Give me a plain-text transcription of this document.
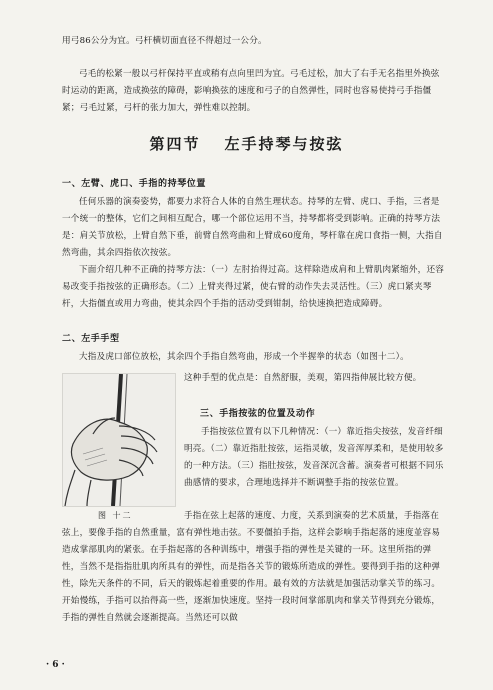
用弓86公分为宜。弓杆横切面直径不得超过一公分。

弓毛的松紧一般以弓杆保持平直或稍有点向里凹为宜。弓毛过松，加大了右手无名指里外换弦时运动的距离，造成换弦的障碍，影响换弦的速度和弓子的自然弹性，同时也容易使持弓手指僵紧；弓毛过紧，弓杆的张力加大，弹性难以控制。

第四节 左手持琴与按弦
一、左臂、虎口、手指的持琴位置

任何乐器的演奏姿势，都要力求符合人体的自然生理状态。持琴的左臂、虎口、手指，三者是一个统一的整体，它们之间相互配合，哪一个部位运用不当，持琴都将受到影响。正确的持琴方法是：肩关节放松，上臂自然下垂，前臂自然弯曲和上臂成60度角，琴杆靠在虎口食指一侧，大指自然弯曲，其余四指依次按弦。

下面介绍几种不正确的持琴方法：（一）左肘抬得过高。这样除造成肩和上臂肌肉紧缩外，还容易改变手指按弦的正确形态。（二）上臂夹得过紧，使右臂的动作失去灵活性。（三）虎口紧夹琴杆，大指僵直或用力弯曲，使其余四个手指的活动受到钳制，给快速换把造成障碍。

二、左手手型

大指及虎口部位放松，其余四个手指自然弯曲，形成一个半握拳的状态（如图十二）。

这种手型的优点是：自然舒服，美观，第四指伸展比较方便。

三、手指按弦的位置及动作

手指按弦位置有以下几种情况：（一）靠近指尖按弦，发音纤细明亮。（二）靠近指肚按弦，运指灵敏，发音浑厚柔和，是使用较多的一种方法。（三）指肚按弦，发音深沉含蓄。演奏者可根据不同乐曲感情的要求，合理地选择并不断调整手指的按弦位置。

图 十二	手指在弦上起落的速度、力度，关系到演奏的艺术质量，手指落在弦上，要像手指的自然重量，富有弹性地击弦。不要僵拍手指，这样会影响手指起落的速度並容易造成掌部肌肉的紧张。在手指起落的各种训练中，增强手指的弹性是关键的一环。这里所指的弹性，当然不是指指肚肌肉所具有的弹性，而是指各关节的锻炼所造成的弹性。要得到手指的这种弹性，除先天条件的不同，后天的锻炼起着重要的作用。最有效的方法就是加强活动掌关节的练习。开始慢练，手指可以抬得高一些，逐渐加快速度。坚持一段时间掌部肌肉和掌关节得到充分锻炼，手指的弹性自然就会逐渐提高。当然还可以做

· 6 ·
